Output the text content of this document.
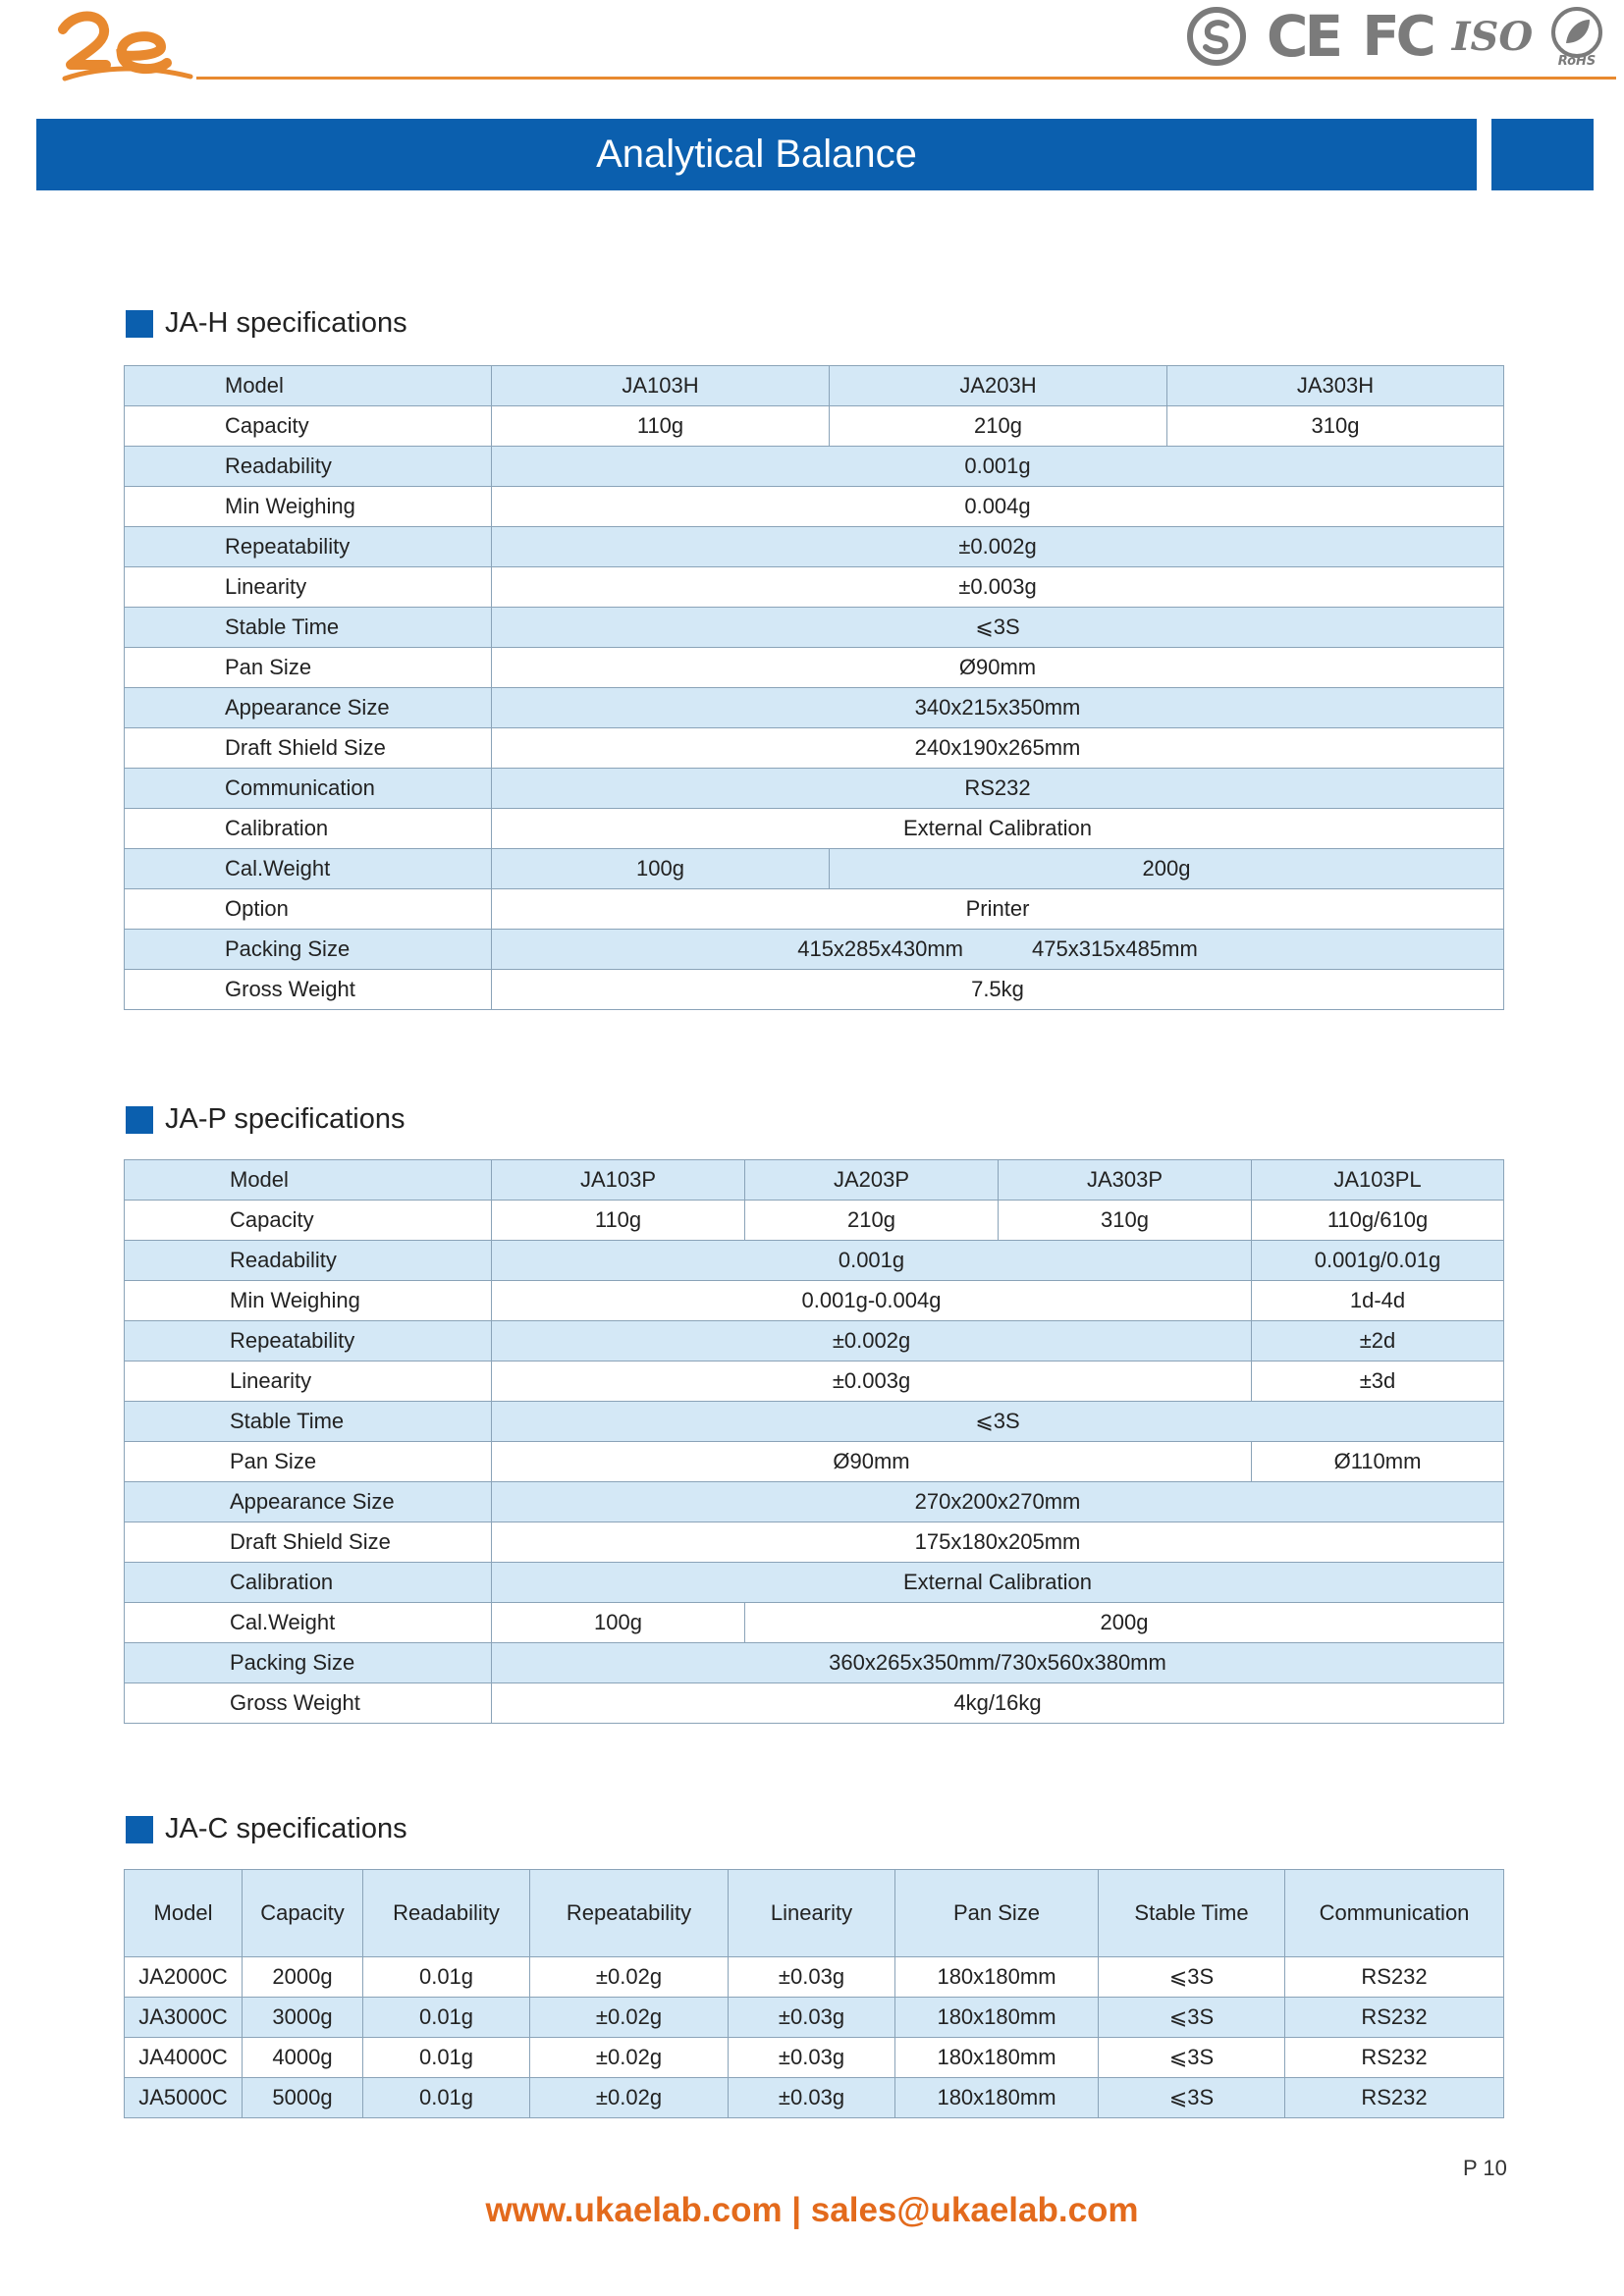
SGS CE FC ISO
RoHS
Analytical Balance
JA-H specifications
Model	JA103H	JA203H	JA303H
Capacity	110g	210g	310g
Readability	0.001g		
Min Weighing	0.004g		
Repeatability	±0.002g		
Linearity	±0.003g		
Stable Time	⩽3S		
Pan Size	Ø90mm		
Appearance Size	340x215x350mm		
Draft Shield Size	240x190x265mm		
Communication	RS232		
Calibration	External Calibration		
Cal.Weight	100g	200g	
Option	Printer		
Packing Size	415x285x430mm 475x315x485mm		
Gross Weight	7.5kg		
JA-P specifications
Model	JA103P	JA203P	JA303P	JA103PL
Capacity	110g	210g	310g	110g/610g
Readability	0.001g			0.001g/0.01g
Min Weighing	0.001g-0.004g			1d-4d
Repeatability	±0.002g			±2d
Linearity	±0.003g			±3d
Stable Time	⩽3S			
Pan Size	Ø90mm			Ø110mm
Appearance Size	270x200x270mm			
Draft Shield Size	175x180x205mm			
Calibration	External Calibration			
Cal.Weight	100g	200g		
Packing Size	360x265x350mm/730x560x380mm			
Gross Weight	4kg/16kg			
JA-C specifications
Model	Capacity	Readability	Repeatability	Linearity	Pan Size	Stable Time	Communication
JA2000C	2000g	0.01g	±0.02g	±0.03g	180x180mm	⩽3S	RS232
JA3000C	3000g	0.01g	±0.02g	±0.03g	180x180mm	⩽3S	RS232
JA4000C	4000g	0.01g	±0.02g	±0.03g	180x180mm	⩽3S	RS232
JA5000C	5000g	0.01g	±0.02g	±0.03g	180x180mm	⩽3S	RS232
P 10
www.ukaelab.com | sales@ukaelab.com
